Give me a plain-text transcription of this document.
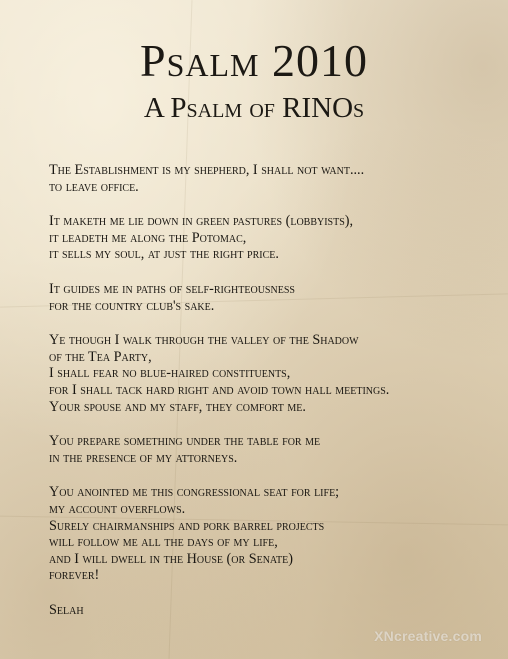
Psalm 2010
A Psalm of RINOs
The Establishment is my shepherd, I shall not want....
to leave office.
It maketh me lie down in green pastures (lobbyists),
it leadeth me along the Potomac,
it sells my soul, at just the right price.
It guides me in paths of self-righteousness
for the country club's sake.
Ye though I walk through the valley of the Shadow
of the Tea Party,
I shall fear no blue-haired constituents,
for I shall tack hard right and avoid town hall meetings.
Your spouse and my staff, they comfort me.
You prepare something under the table for me
in the presence of my attorneys.
You anointed me this congressional seat for life;
my account overflows.
Surely chairmanships and pork barrel projects
will follow me all the days of my life,
and I will dwell in the House (or Senate)
forever!
Selah
XNcreative.com
